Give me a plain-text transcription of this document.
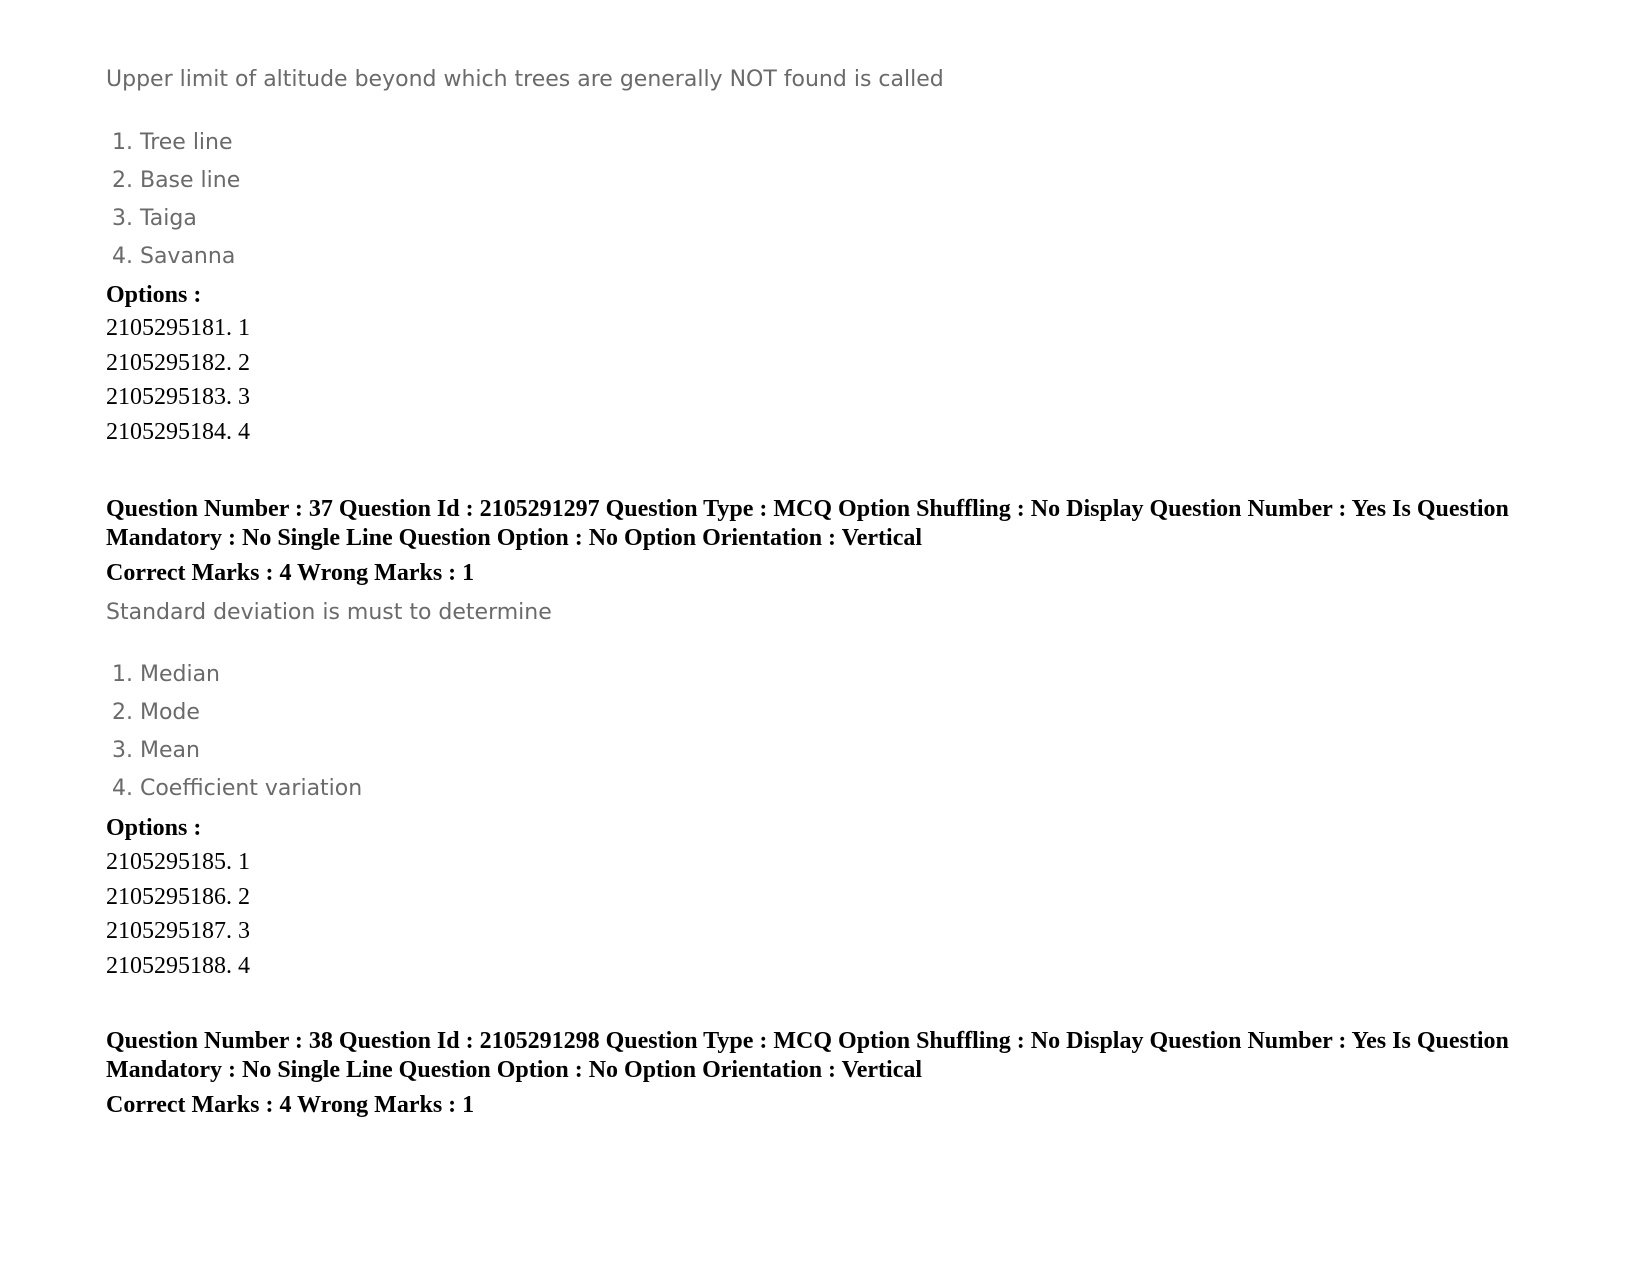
Upper limit of altitude beyond which trees are generally NOT found is called
1. Tree line
2. Base line
3. Taiga
4. Savanna
Options :
2105295181. 1
2105295182. 2
2105295183. 3
2105295184. 4
Question Number : 37 Question Id : 2105291297 Question Type : MCQ Option Shuffling : No Display Question Number : Yes Is Question Mandatory : No Single Line Question Option : No Option Orientation : Vertical
Correct Marks : 4 Wrong Marks : 1
Standard deviation is must to determine
1. Median
2. Mode
3. Mean
4. Coefficient variation
Options :
2105295185. 1
2105295186. 2
2105295187. 3
2105295188. 4
Question Number : 38 Question Id : 2105291298 Question Type : MCQ Option Shuffling : No Display Question Number : Yes Is Question Mandatory : No Single Line Question Option : No Option Orientation : Vertical
Correct Marks : 4 Wrong Marks : 1
